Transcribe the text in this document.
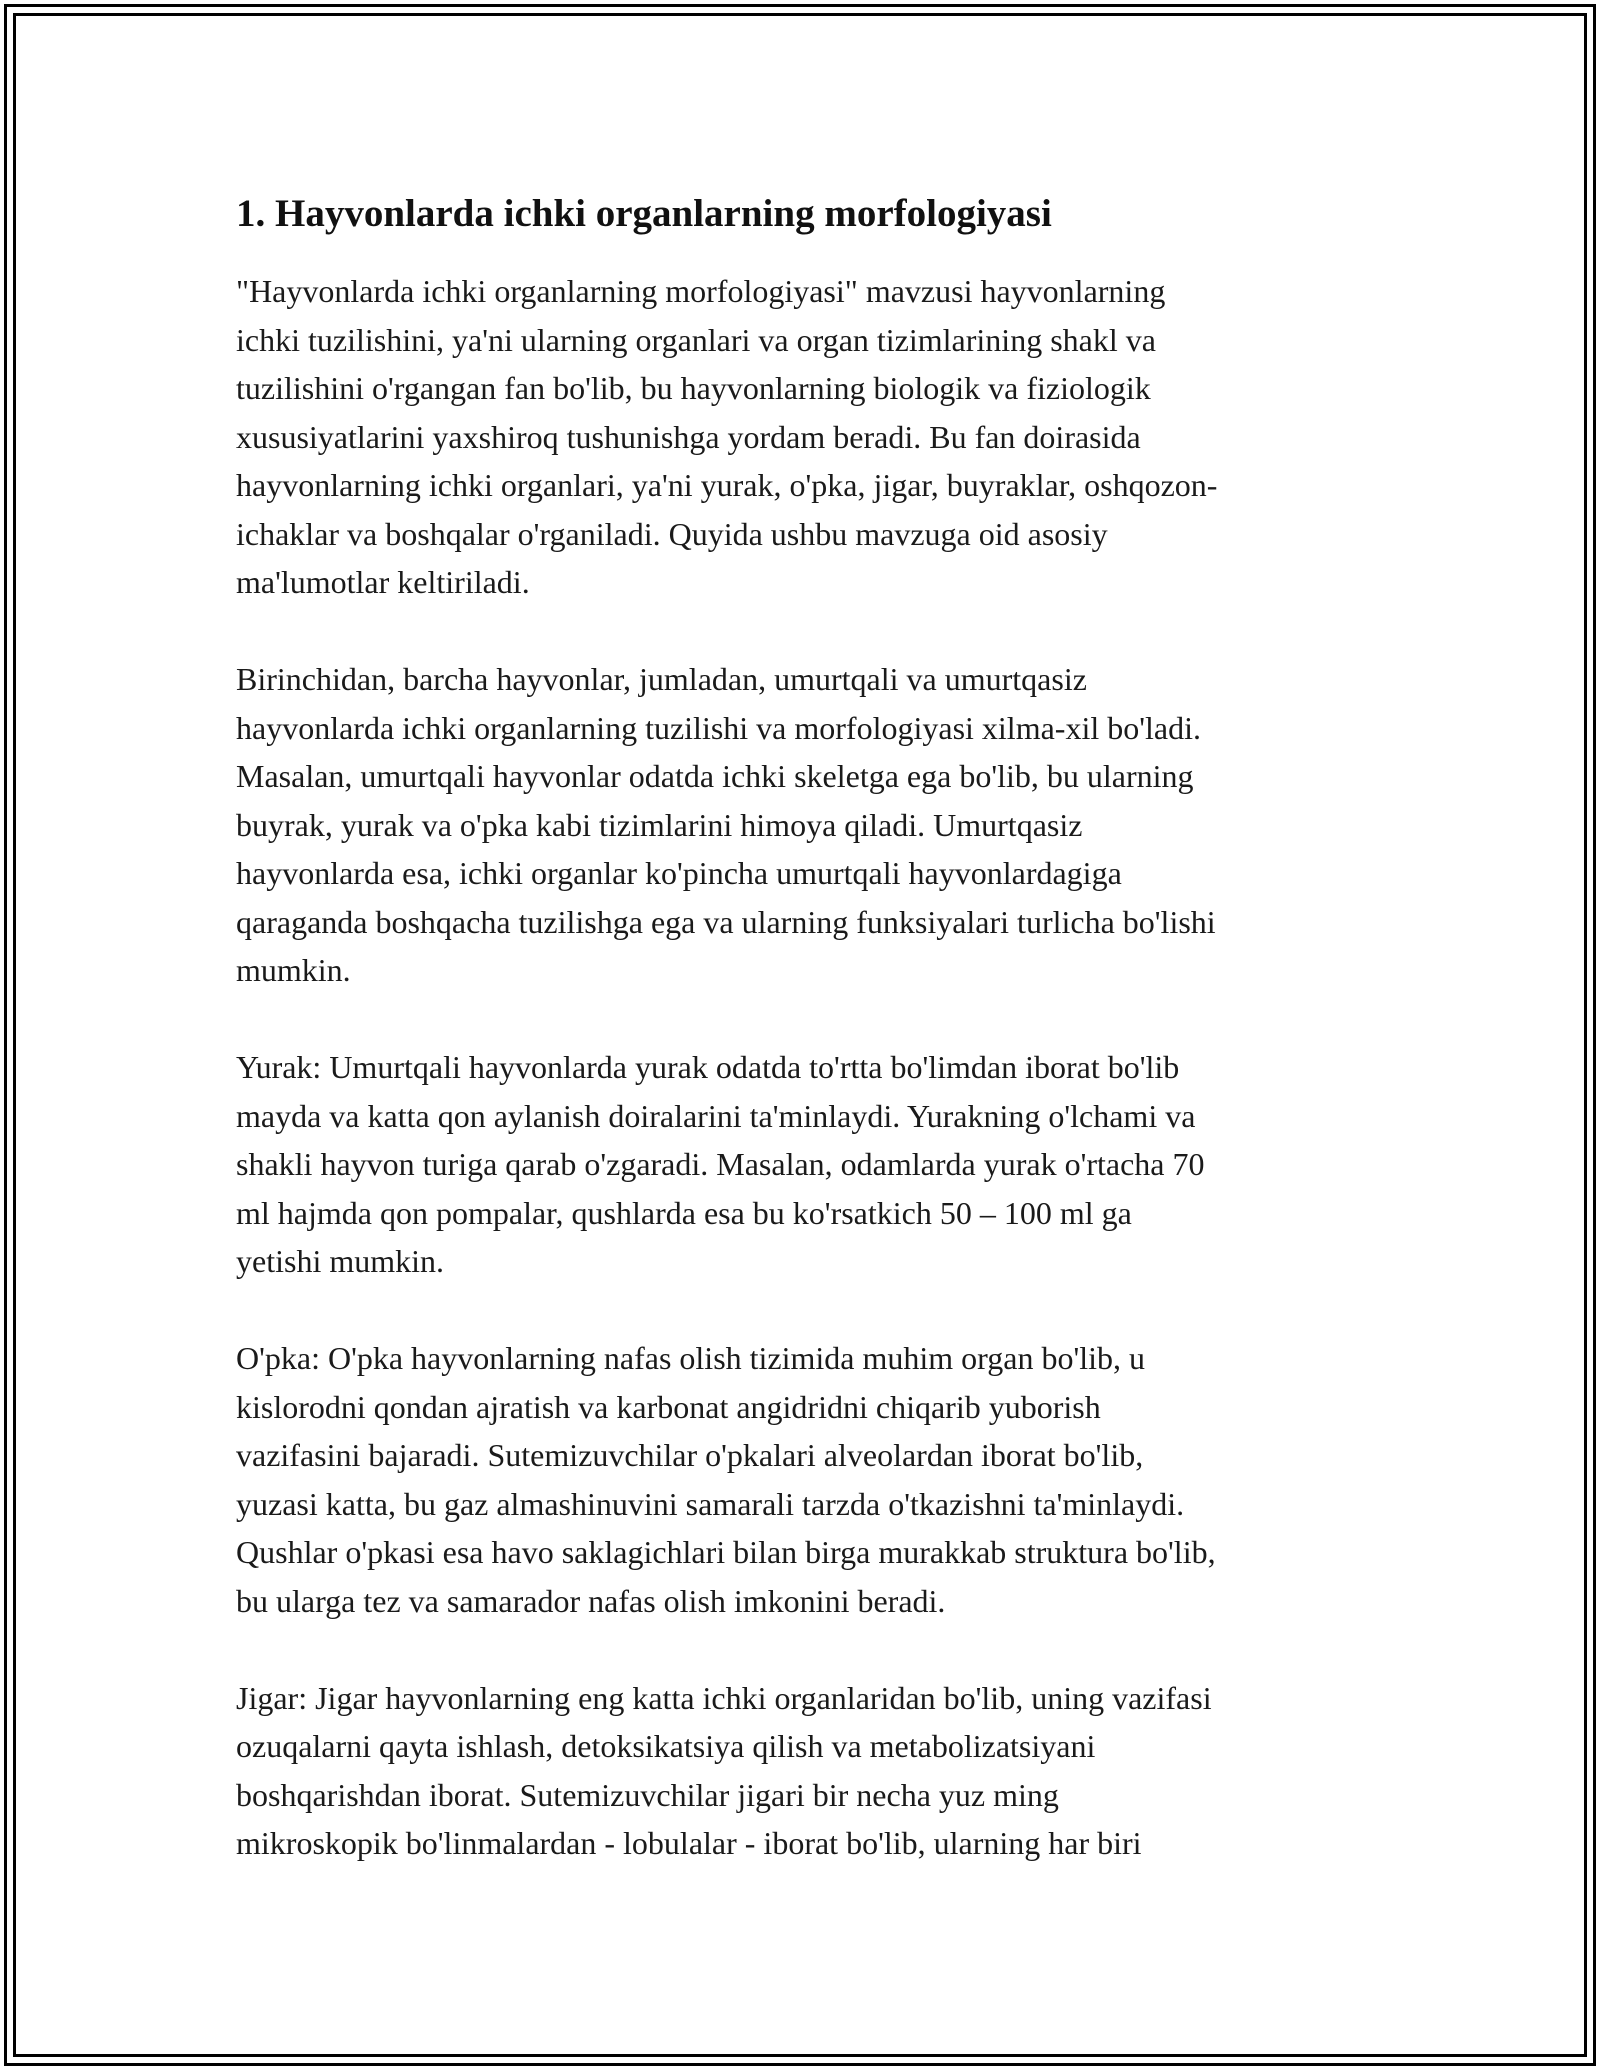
1. Hayvonlarda ichki organlarning morfologiyasi

"Hayvonlarda ichki organlarning morfologiyasi" mavzusi hayvonlarning
ichki tuzilishini, ya'ni ularning organlari va organ tizimlarining shakl va
tuzilishini o'rgangan fan bo'lib, bu hayvonlarning biologik va fiziologik
xususiyatlarini yaxshiroq tushunishga yordam beradi. Bu fan doirasida
hayvonlarning ichki organlari, ya'ni yurak, o'pka, jigar, buyraklar, oshqozon-
ichaklar va boshqalar o'rganiladi. Quyida ushbu mavzuga oid asosiy
ma'lumotlar keltiriladi.

Birinchidan, barcha hayvonlar, jumladan, umurtqali va umurtqasiz
hayvonlarda ichki organlarning tuzilishi va morfologiyasi xilma-xil bo'ladi.
Masalan, umurtqali hayvonlar odatda ichki skeletga ega bo'lib, bu ularning
buyrak, yurak va o'pka kabi tizimlarini himoya qiladi. Umurtqasiz
hayvonlarda esa, ichki organlar ko'pincha umurtqali hayvonlardagiga
qaraganda boshqacha tuzilishga ega va ularning funksiyalari turlicha bo'lishi
mumkin.

Yurak: Umurtqali hayvonlarda yurak odatda to'rtta bo'limdan iborat bo'lib
mayda va katta qon aylanish doiralarini ta'minlaydi. Yurakning o'lchami va
shakli hayvon turiga qarab o'zgaradi. Masalan, odamlarda yurak o'rtacha 70
ml hajmda qon pompalar, qushlarda esa bu ko'rsatkich 50 – 100 ml ga
yetishi mumkin.

O'pka: O'pka hayvonlarning nafas olish tizimida muhim organ bo'lib, u
kislorodni qondan ajratish va karbonat angidridni chiqarib yuborish
vazifasini bajaradi. Sutemizuvchilar o'pkalari alveolardan iborat bo'lib,
yuzasi katta, bu gaz almashinuvini samarali tarzda o'tkazishni ta'minlaydi.
Qushlar o'pkasi esa havo saklagichlari bilan birga murakkab struktura bo'lib,
bu ularga tez va samarador nafas olish imkonini beradi.

Jigar: Jigar hayvonlarning eng katta ichki organlaridan bo'lib, uning vazifasi
ozuqalarni qayta ishlash, detoksikatsiya qilish va metabolizatsiyani
boshqarishdan iborat. Sutemizuvchilar jigari bir necha yuz ming
mikroskopik bo'linmalardan - lobulalar - iborat bo'lib, ularning har biri
